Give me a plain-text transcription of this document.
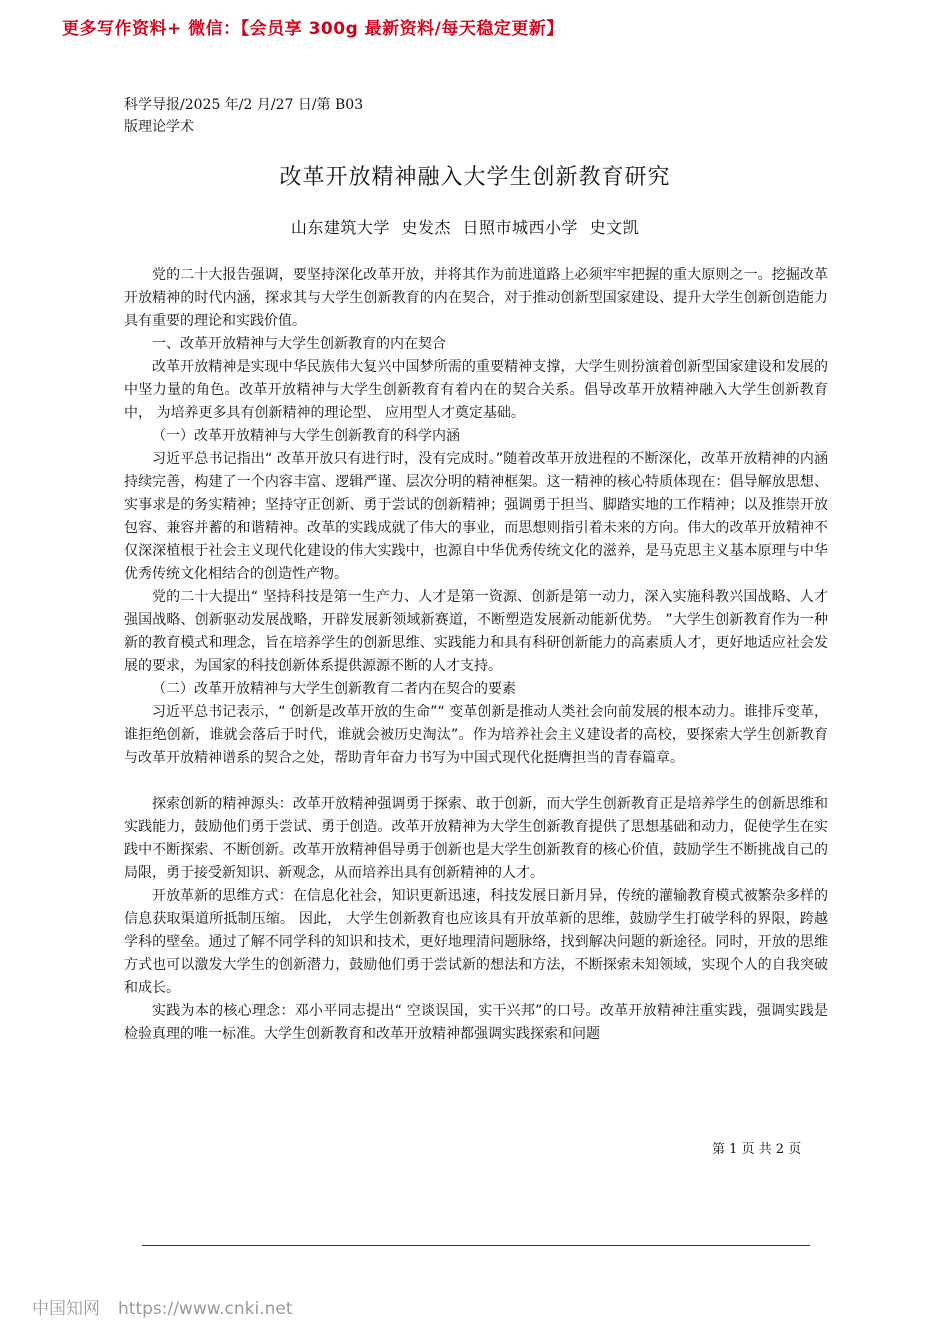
更多写作资料+ 微信：【会员享 300g 最新资料/每天稳定更新】
科学导报/2025 年/2 月/27 日/第 B03
版理论学术
改革开放精神融入大学生创新教育研究
山东建筑大学 史发杰 日照市城西小学 史文凯

党的二十大报告强调，要坚持深化改革开放，并将其作为前进道路上必须牢牢把握的重大原则之一。挖掘改革开放精神的时代内涵，探求其与大学生创新教育的内在契合，对于推动创新型国家建设、提升大学生创新创造能力具有重要的理论和实践价值。

一、改革开放精神与大学生创新教育的内在契合

改革开放精神是实现中华民族伟大复兴中国梦所需的重要精神支撑，大学生则扮演着创新型国家建设和发展的中坚力量的角色。改革开放精神与大学生创新教育有着内在的契合关系。倡导改革开放精神融入大学生创新教育中， 为培养更多具有创新精神的理论型、 应用型人才奠定基础。

（一）改革开放精神与大学生创新教育的科学内涵

习近平总书记指出“ 改革开放只有进行时，没有完成时。”随着改革开放进程的不断深化，改革开放精神的内涵持续完善，构建了一个内容丰富、逻辑严谨、层次分明的精神框架。这一精神的核心特质体现在：倡导解放思想、实事求是的务实精神；坚持守正创新、勇于尝试的创新精神；强调勇于担当、脚踏实地的工作精神；以及推崇开放包容、兼容并蓄的和谐精神。改革的实践成就了伟大的事业，而思想则指引着未来的方向。伟大的改革开放精神不仅深深植根于社会主义现代化建设的伟大实践中，也源自中华优秀传统文化的滋养，是马克思主义基本原理与中华优秀传统文化相结合的创造性产物。

党的二十大提出“ 坚持科技是第一生产力、人才是第一资源、创新是第一动力，深入实施科教兴国战略、人才强国战略、创新驱动发展战略，开辟发展新领域新赛道，不断塑造发展新动能新优势。 ”大学生创新教育作为一种新的教育模式和理念，旨在培养学生的创新思维、实践能力和具有科研创新能力的高素质人才，更好地适应社会发展的要求，为国家的科技创新体系提供源源不断的人才支持。

（二）改革开放精神与大学生创新教育二者内在契合的要素

习近平总书记表示，“ 创新是改革开放的生命”“ 变革创新是推动人类社会向前发展的根本动力。谁排斥变革，谁拒绝创新，谁就会落后于时代，谁就会被历史淘汰”。作为培养社会主义建设者的高校，要探索大学生创新教育与改革开放精神谱系的契合之处，帮助青年奋力书写为中国式现代化挺膺担当的青春篇章。

探索创新的精神源头：改革开放精神强调勇于探索、敢于创新，而大学生创新教育正是培养学生的创新思维和实践能力，鼓励他们勇于尝试、勇于创造。改革开放精神为大学生创新教育提供了思想基础和动力，促使学生在实践中不断探索、不断创新。改革开放精神倡导勇于创新也是大学生创新教育的核心价值，鼓励学生不断挑战自己的局限，勇于接受新知识、新观念，从而培养出具有创新精神的人才。

开放革新的思维方式：在信息化社会，知识更新迅速，科技发展日新月异，传统的灌输教育模式被繁杂多样的信息获取渠道所抵制压缩。 因此， 大学生创新教育也应该具有开放革新的思维，鼓励学生打破学科的界限，跨越学科的壁垒。通过了解不同学科的知识和技术，更好地理清问题脉络，找到解决问题的新途径。同时，开放的思维方式也可以激发大学生的创新潜力，鼓励他们勇于尝试新的想法和方法，不断探索未知领域，实现个人的自我突破和成长。

实践为本的核心理念：邓小平同志提出“ 空谈误国，实干兴邦”的口号。改革开放精神注重实践，强调实践是检验真理的唯一标准。大学生创新教育和改革开放精神都强调实践探索和问题

第 1 页 共 2 页
中国知网 https://www.cnki.net
